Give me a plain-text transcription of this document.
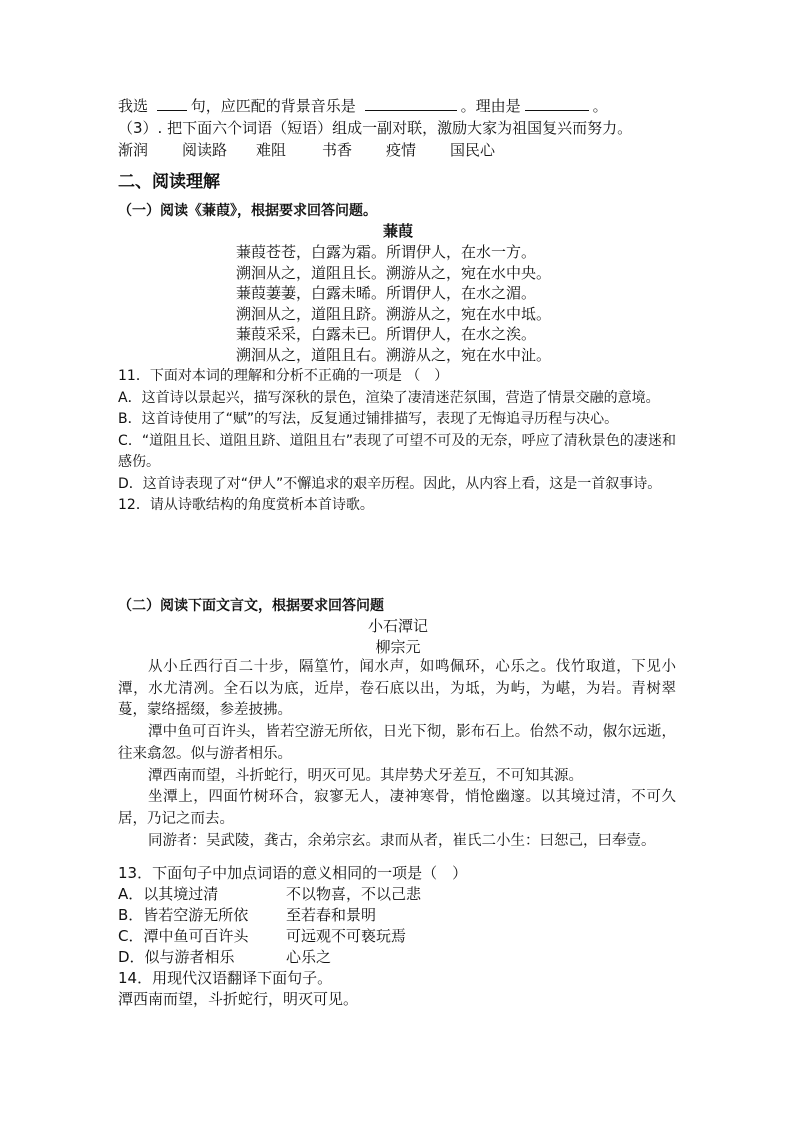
我选	句，应匹配的背景音乐是	。理由是	。
（3）. 把下面六个词语（短语）组成一副对联，激励大家为祖国复兴而努力。
渐润 阅读路 难阻 书香 疫情 国民心
二、阅读理解
（一）阅读《蒹葭》，根据要求回答问题。
蒹葭
蒹葭苍苍，白露为霜。所谓伊人，在水一方。
溯洄从之，道阻且长。溯游从之，宛在水中央。
蒹葭萋萋，白露未晞。所谓伊人，在水之湄。
溯洄从之，道阻且跻。溯游从之，宛在水中坻。
蒹葭采采，白露未已。所谓伊人，在水之涘。
溯洄从之，道阻且右。溯游从之，宛在水中沚。
11．下面对本词的理解和分析不正确的一项是 （　）
A．这首诗以景起兴，描写深秋的景色，渲染了凄清迷茫氛围，营造了情景交融的意境。
B．这首诗使用了“赋”的写法，反复通过铺排描写，表现了无悔追寻历程与决心。
C．“道阻且长、道阻且跻、道阻且右”表现了可望不可及的无奈，呼应了清秋景色的凄迷和感伤。
D．这首诗表现了对“伊人”不懈追求的艰辛历程。因此，从内容上看，这是一首叙事诗。
12．请从诗歌结构的角度赏析本首诗歌。
（二）阅读下面文言文，根据要求回答问题
小石潭记
柳宗元
从小丘西行百二十步，隔篁竹，闻水声，如鸣佩环，心乐之。伐竹取道，下见小潭，水尤清冽。全石以为底，近岸，卷石底以出，为坻，为屿，为嵁，为岩。青树翠蔓，蒙络摇缀，参差披拂。
潭中鱼可百许头，皆若空游无所依，日光下彻，影布石上。佁然不动，俶尔远逝，往来翕忽。似与游者相乐。
潭西南而望，斗折蛇行，明灭可见。其岸势犬牙差互，不可知其源。
坐潭上，四面竹树环合，寂寥无人，凄神寒骨，悄怆幽邃。以其境过清，不可久居，乃记之而去。
同游者：吴武陵，龚古，余弟宗玄。隶而从者，崔氏二小生：曰恕己，曰奉壹。
13．下面句子中加点词语的意义相同的一项是（　）
A．以其境过清	不以物喜，不以己悲
B．皆若空游无所依	至若春和景明
C．潭中鱼可百许头	可远观不可亵玩焉
D．似与游者相乐	心乐之
14．用现代汉语翻译下面句子。
潭西南而望，斗折蛇行，明灭可见。
